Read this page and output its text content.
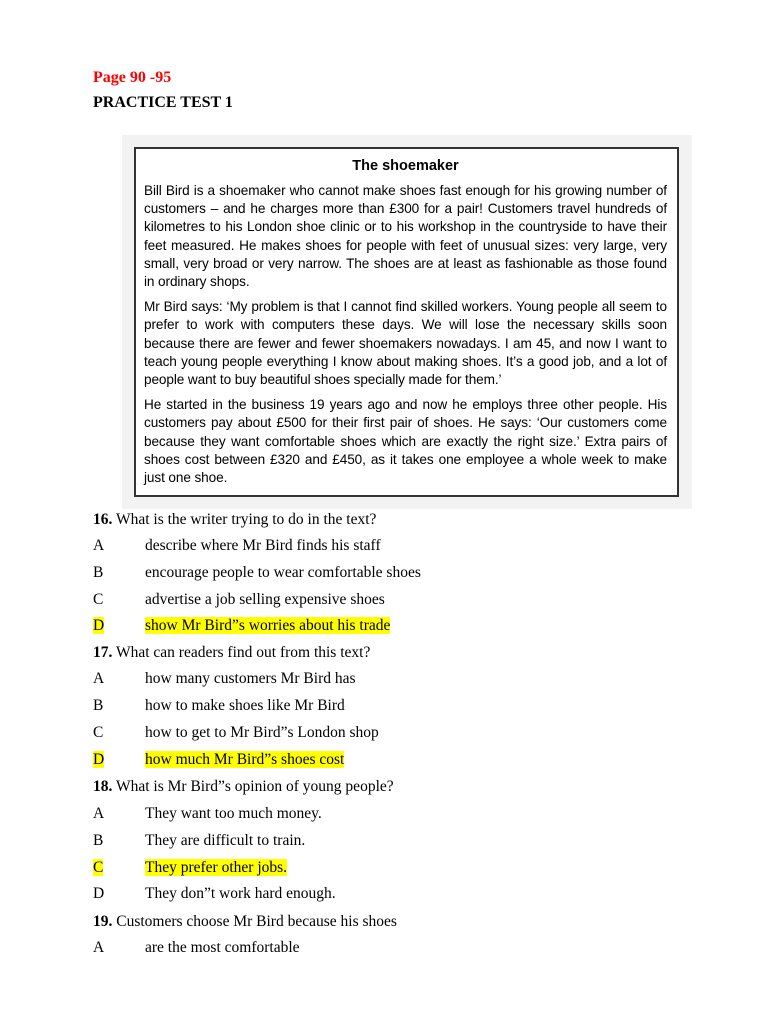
Page 90 -95
PRACTICE TEST 1
The shoemaker
Bill Bird is a shoemaker who cannot make shoes fast enough for his growing number of customers – and he charges more than £300 for a pair! Customers travel hundreds of kilometres to his London shoe clinic or to his workshop in the countryside to have their feet measured. He makes shoes for people with feet of unusual sizes: very large, very small, very broad or very narrow. The shoes are at least as fashionable as those found in ordinary shops.
Mr Bird says: ‘My problem is that I cannot find skilled workers. Young people all seem to prefer to work with computers these days. We will lose the necessary skills soon because there are fewer and fewer shoemakers nowadays. I am 45, and now I want to teach young people everything I know about making shoes. It’s a good job, and a lot of people want to buy beautiful shoes specially made for them.’
He started in the business 19 years ago and now he employs three other people. His customers pay about £500 for their first pair of shoes. He says: ‘Our customers come because they want comfortable shoes which are exactly the right size.’ Extra pairs of shoes cost between £320 and £450, as it takes one employee a whole week to make just one shoe.
16. What is the writer trying to do in the text?
A	describe where Mr Bird finds his staff
B	encourage people to wear comfortable shoes
C	advertise a job selling expensive shoes
D	show Mr Bird”s worries about his trade
17. What can readers find out from this text?
A	how many customers Mr Bird has
B	how to make shoes like Mr Bird
C	how to get to Mr Bird”s London shop
D	how much Mr Bird”s shoes cost
18. What is Mr Bird”s opinion of young people?
A	They want too much money.
B	They are difficult to train.
C	They prefer other jobs.
D	They don”t work hard enough.
19. Customers choose Mr Bird because his shoes
A	are the most comfortable
